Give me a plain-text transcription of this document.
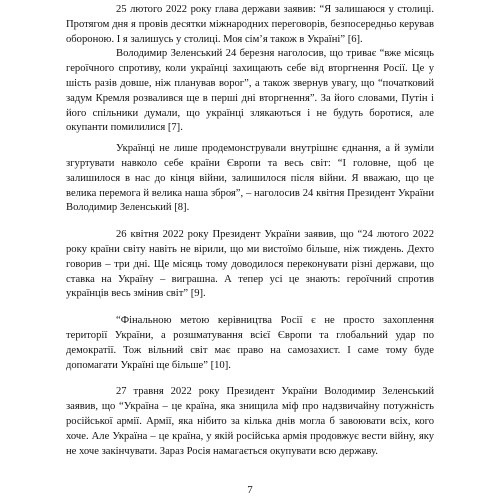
25 лютого 2022 року глава держави заявив: “Я залишаюся у столиці. Протягом дня я провів десятки міжнародних переговорів, безпосередньо керував обороною. І я залишусь у столиці. Моя сім’я також в Україні” [6].

Володимир Зеленський 24 березня наголосив, що триває “вже місяць героїчного спротиву, коли українці захищають себе від вторгнення Росії. Це у шість разів довше, ніж планував ворог”, а також звернув увагу, що “початковий задум Кремля розвалився ще в перші дні вторгнення”. За його словами, Путін і його спільники думали, що українці злякаються і не будуть боротися, але окупанти помилилися [7].

Українці не лише продемонстрували внутрішнє єднання, а й зуміли згуртувати навколо себе країни Європи та весь світ: “І головне, щоб це залишилося в нас до кінця війни, залишилося після війни. Я вважаю, що це велика перемога й велика наша зброя”, – наголосив 24 квітня Президент України Володимир Зеленський [8].

26 квітня 2022 року Президент України заявив, що “24 лютого 2022 року країни світу навіть не вірили, що ми вистоїмо більше, ніж тиждень. Дехто говорив – три дні. Ще місяць тому доводилося переконувати різні держави, що ставка на Україну – виграшна. А тепер усі це знають: героїчний спротив українців весь змінив світ” [9].

“Фінальною метою керівництва Росії є не просто захоплення території України, а розшматування всієї Європи та глобальний удар по демократії. Тож вільний світ має право на самозахист. І саме тому буде допомагати Україні ще більше” [10].

27 травня 2022 року Президент України Володимир Зеленський заявив, що “Україна – це країна, яка знищила міф про надзвичайну потужність російської армії. Армії, яка нібито за кілька днів могла б завоювати всіх, кого хоче. Але Україна – це країна, у якій російська армія продовжує вести війну, яку не хоче закінчувати. Зараз Росія намагається окупувати всю державу.

7
